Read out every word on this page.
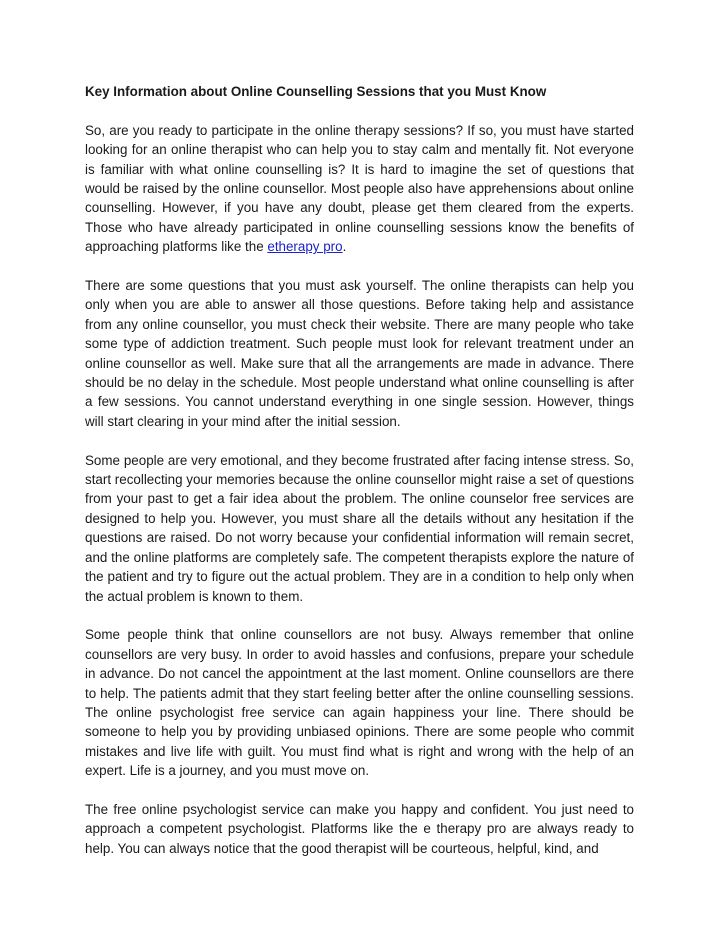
Key Information about Online Counselling Sessions that you Must Know

So, are you ready to participate in the online therapy sessions? If so, you must have started looking for an online therapist who can help you to stay calm and mentally fit. Not everyone is familiar with what online counselling is? It is hard to imagine the set of questions that would be raised by the online counsellor. Most people also have apprehensions about online counselling. However, if you have any doubt, please get them cleared from the experts. Those who have already participated in online counselling sessions know the benefits of approaching platforms like the etherapy pro.

There are some questions that you must ask yourself. The online therapists can help you only when you are able to answer all those questions. Before taking help and assistance from any online counsellor, you must check their website. There are many people who take some type of addiction treatment. Such people must look for relevant treatment under an online counsellor as well. Make sure that all the arrangements are made in advance. There should be no delay in the schedule. Most people understand what online counselling is after a few sessions. You cannot understand everything in one single session. However, things will start clearing in your mind after the initial session.

Some people are very emotional, and they become frustrated after facing intense stress. So, start recollecting your memories because the online counsellor might raise a set of questions from your past to get a fair idea about the problem. The online counselor free services are designed to help you. However, you must share all the details without any hesitation if the questions are raised. Do not worry because your confidential information will remain secret, and the online platforms are completely safe. The competent therapists explore the nature of the patient and try to figure out the actual problem. They are in a condition to help only when the actual problem is known to them.

Some people think that online counsellors are not busy. Always remember that online counsellors are very busy. In order to avoid hassles and confusions, prepare your schedule in advance. Do not cancel the appointment at the last moment. Online counsellors are there to help. The patients admit that they start feeling better after the online counselling sessions. The online psychologist free service can again happiness your line. There should be someone to help you by providing unbiased opinions. There are some people who commit mistakes and live life with guilt. You must find what is right and wrong with the help of an expert. Life is a journey, and you must move on.

The free online psychologist service can make you happy and confident. You just need to approach a competent psychologist. Platforms like the e therapy pro are always ready to help. You can always notice that the good therapist will be courteous, helpful, kind, and
